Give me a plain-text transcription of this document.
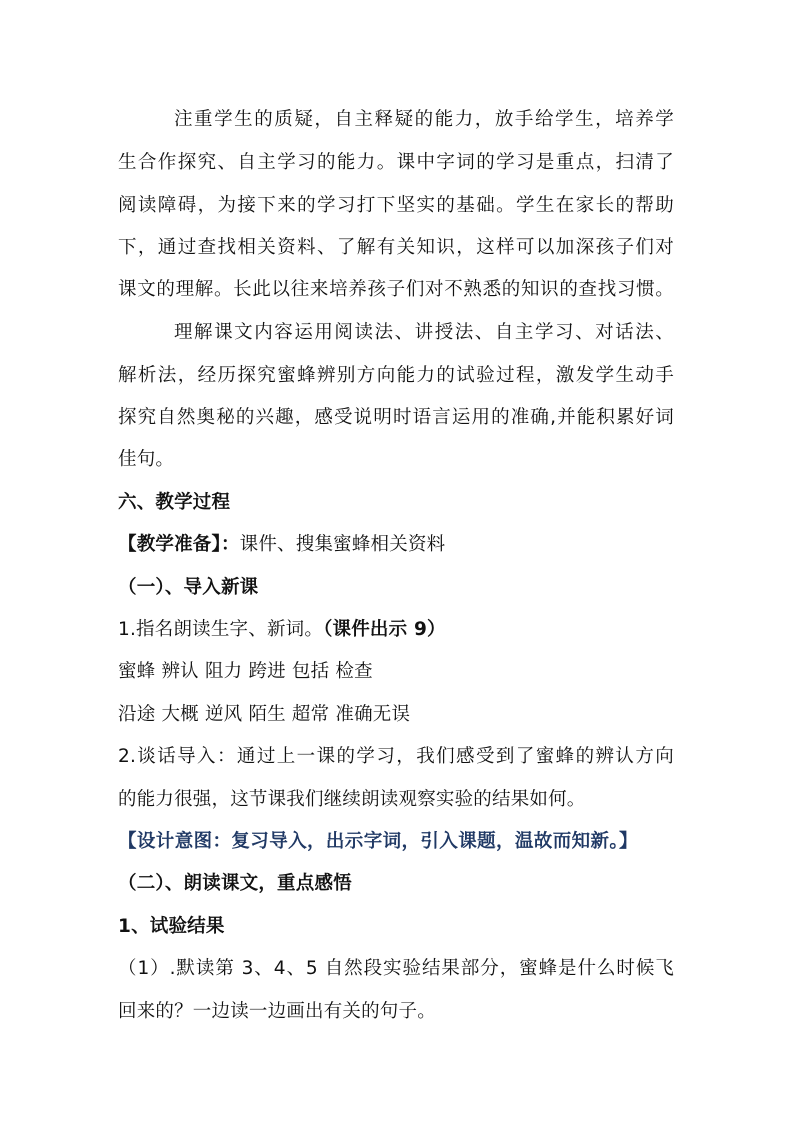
注重学生的质疑，自主释疑的能力，放手给学生，培养学
生合作探究、自主学习的能力。课中字词的学习是重点，扫清了
阅读障碍，为接下来的学习打下坚实的基础。学生在家长的帮助
下，通过查找相关资料、了解有关知识，这样可以加深孩子们对
课文的理解。长此以往来培养孩子们对不熟悉的知识的查找习惯。
理解课文内容运用阅读法、讲授法、自主学习、对话法、
解析法，经历探究蜜蜂辨别方向能力的试验过程，激发学生动手
探究自然奥秘的兴趣，感受说明时语言运用的准确,并能积累好词
佳句。
六、教学过程
【教学准备】：课件、搜集蜜蜂相关资料
（一）、导入新课
1.指名朗读生字、新词。（课件出示 9）
蜜蜂 辨认 阻力 跨进 包括 检查
沿途 大概 逆风 陌生 超常 准确无误
2.谈话导入：通过上一课的学习，我们感受到了蜜蜂的辨认方向
的能力很强，这节课我们继续朗读观察实验的结果如何。
【设计意图：复习导入，出示字词，引入课题，温故而知新。】
（二）、朗读课文，重点感悟
1、试验结果
（1）.默读第 3、4、5 自然段实验结果部分，蜜蜂是什么时候飞
回来的？一边读一边画出有关的句子。
